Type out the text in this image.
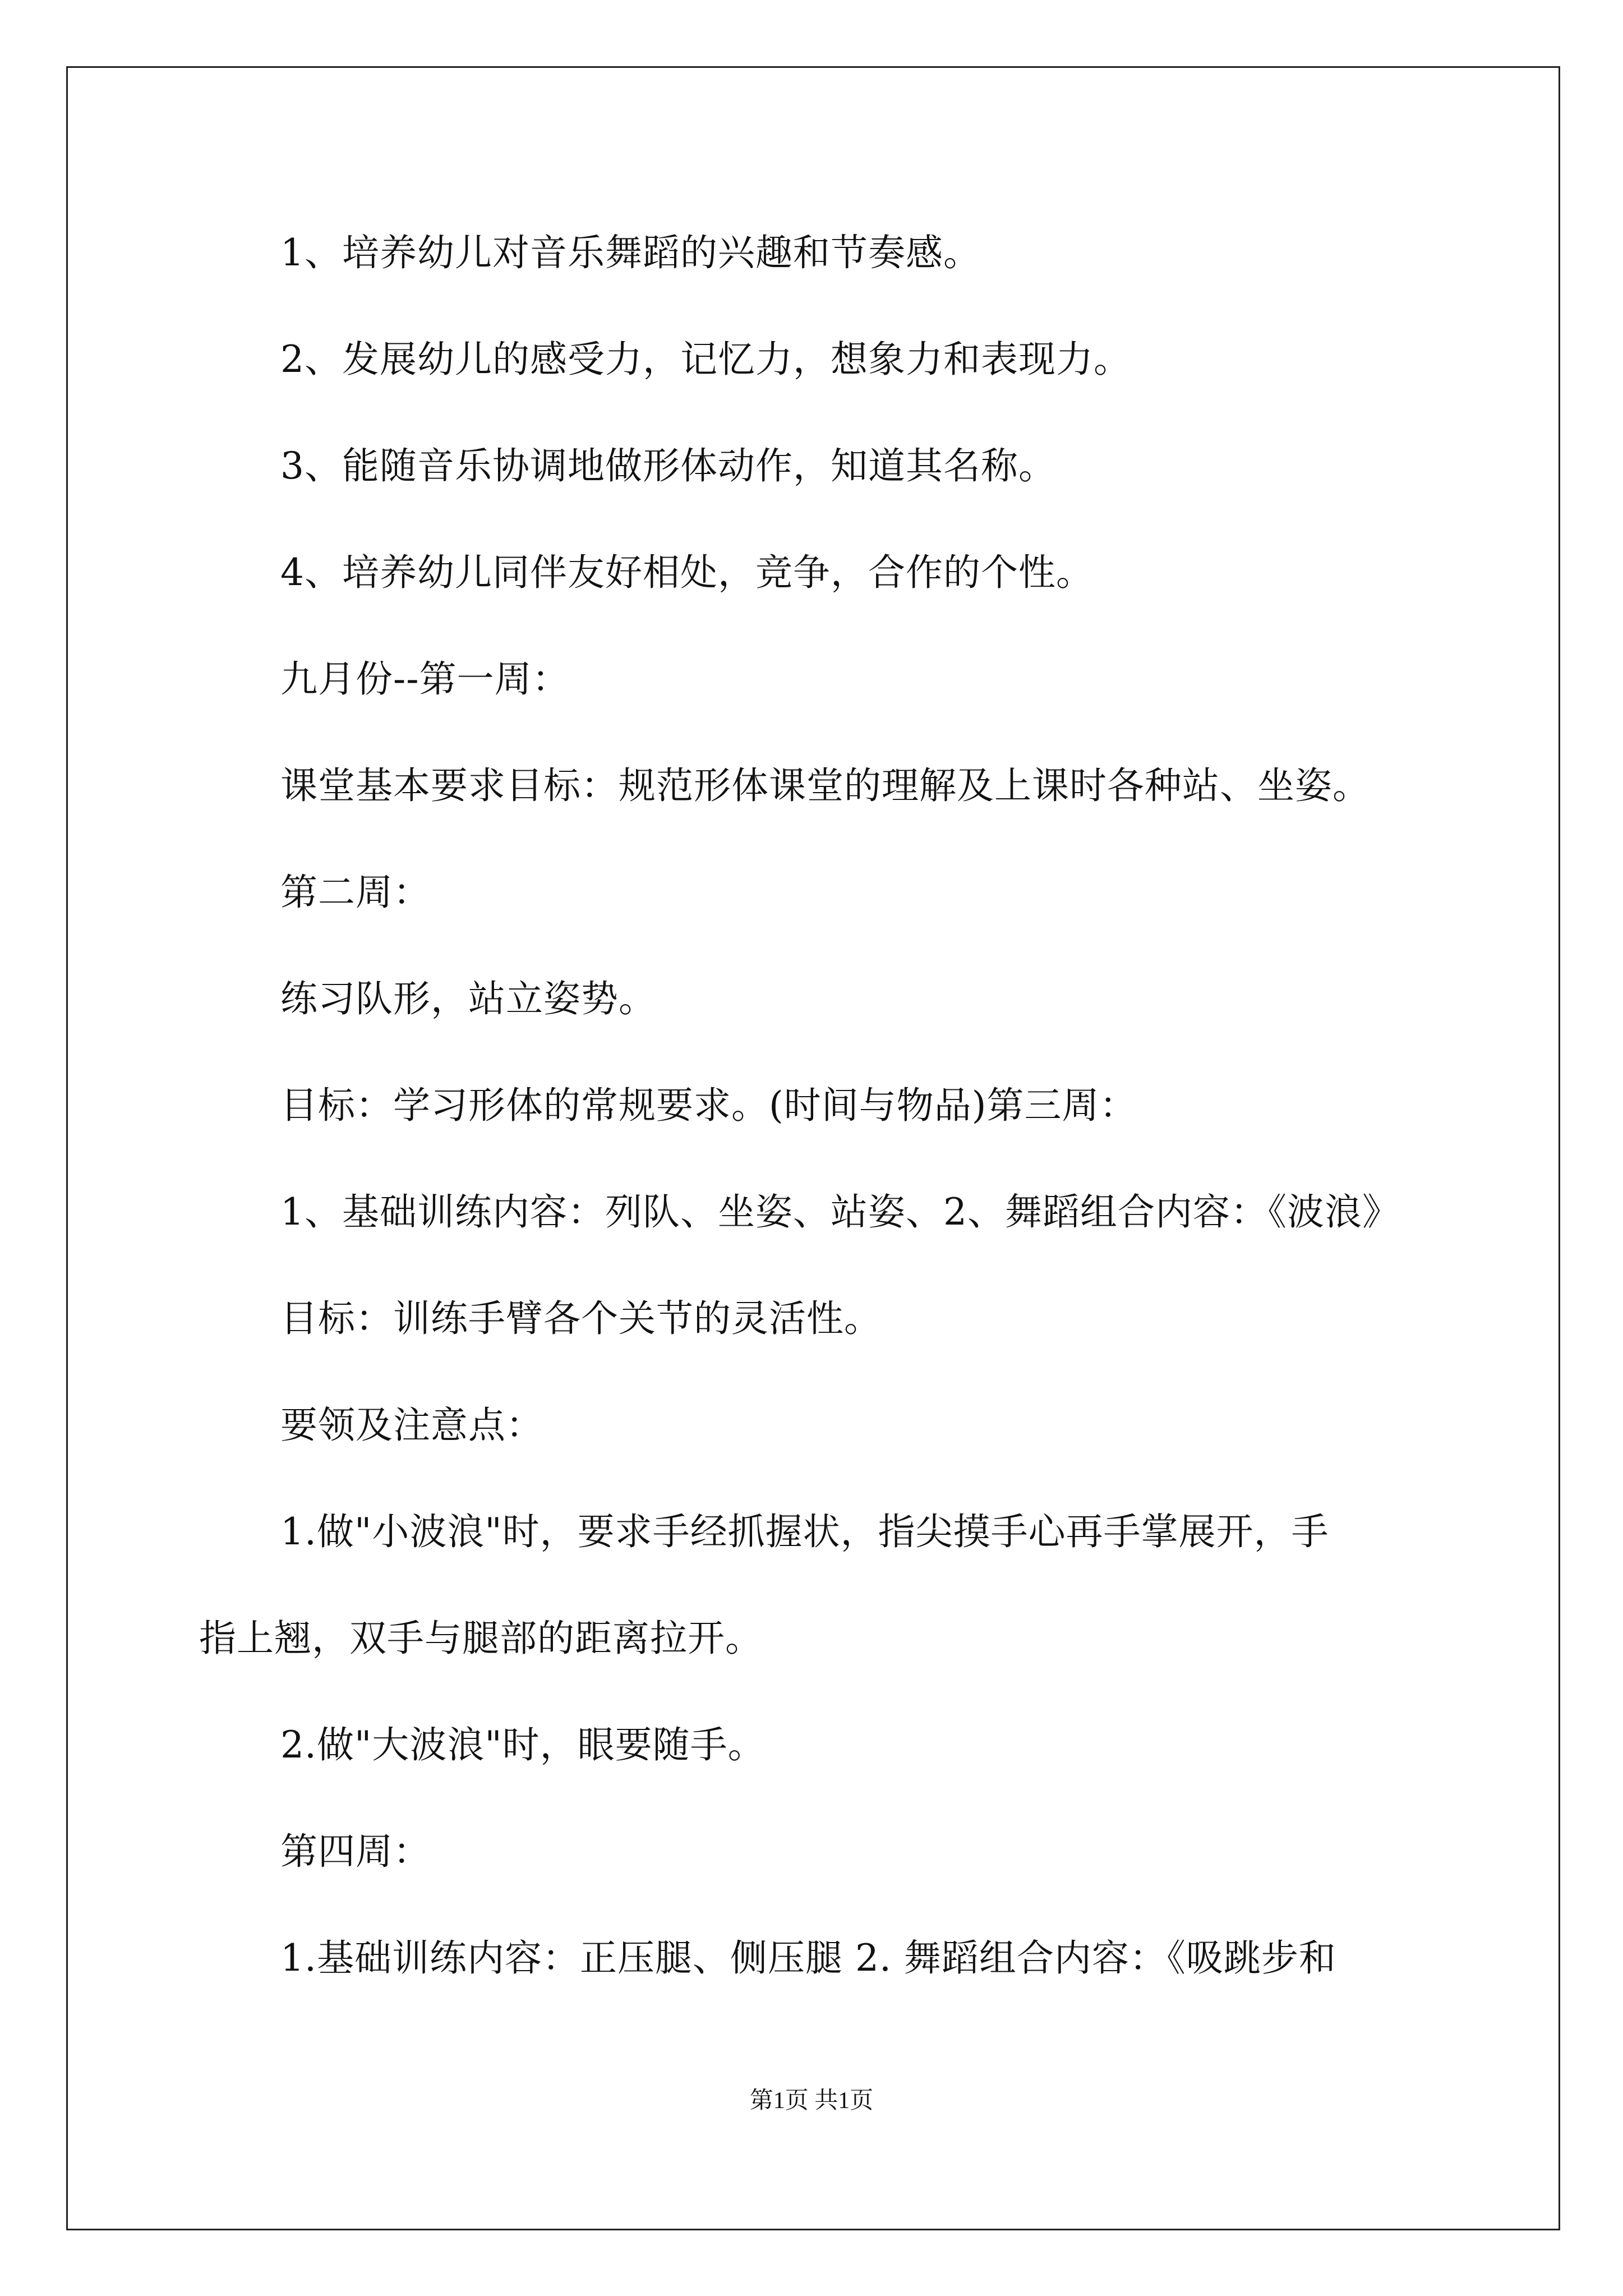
1、培养幼儿对音乐舞蹈的兴趣和节奏感。
2、发展幼儿的感受力，记忆力，想象力和表现力。
3、能随音乐协调地做形体动作，知道其名称。
4、培养幼儿同伴友好相处，竞争，合作的个性。
九月份--第一周：
课堂基本要求目标：规范形体课堂的理解及上课时各种站、坐姿。
第二周：
练习队形，站立姿势。
目标：学习形体的常规要求。(时间与物品)第三周：
1、基础训练内容：列队、坐姿、站姿、2、舞蹈组合内容：《波浪》
目标：训练手臂各个关节的灵活性。
要领及注意点：
1.做"小波浪"时，要求手经抓握状，指尖摸手心再手掌展开，手
指上翘，双手与腿部的距离拉开。
2.做"大波浪"时，眼要随手。
第四周：
1.基础训练内容：正压腿、侧压腿 2. 舞蹈组合内容：《吸跳步和
第1页 共1页
